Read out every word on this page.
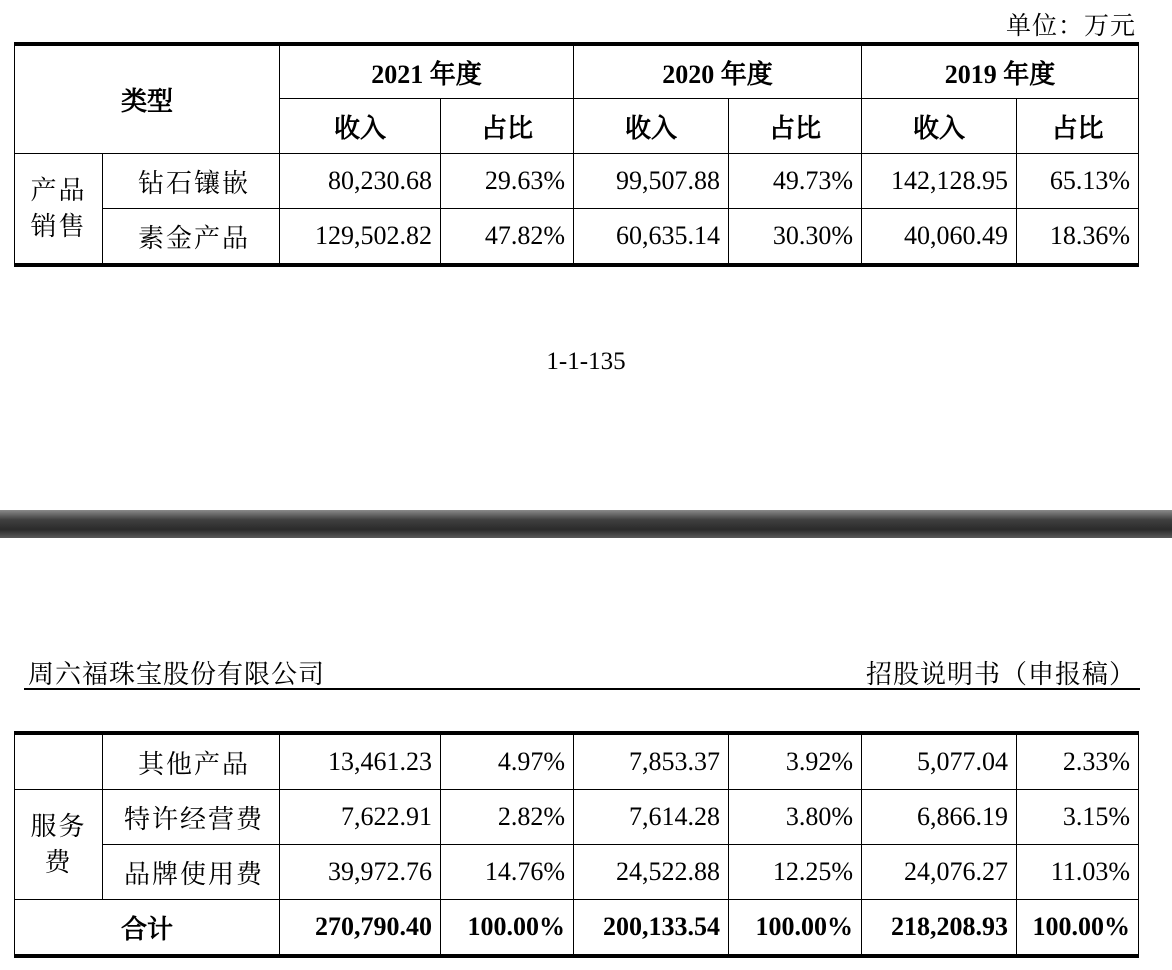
单位：万元
类型		2021 年度		2020 年度		2019 年度	
		收入	占比	收入	占比	收入	占比
产品
销售	钻石镶嵌	80,230.68	29.63%	99,507.88	49.73%	142,128.95	65.13%
	素金产品	129,502.82	47.82%	60,635.14	30.30%	40,060.49	18.36%
1-1-135
周六福珠宝股份有限公司	招股说明书（申报稿）
	其他产品	13,461.23	4.97%	7,853.37	3.92%	5,077.04	2.33%
服务
费	特许经营费	7,622.91	2.82%	7,614.28	3.80%	6,866.19	3.15%
	品牌使用费	39,972.76	14.76%	24,522.88	12.25%	24,076.27	11.03%
合计		270,790.40	100.00%	200,133.54	100.00%	218,208.93	100.00%
